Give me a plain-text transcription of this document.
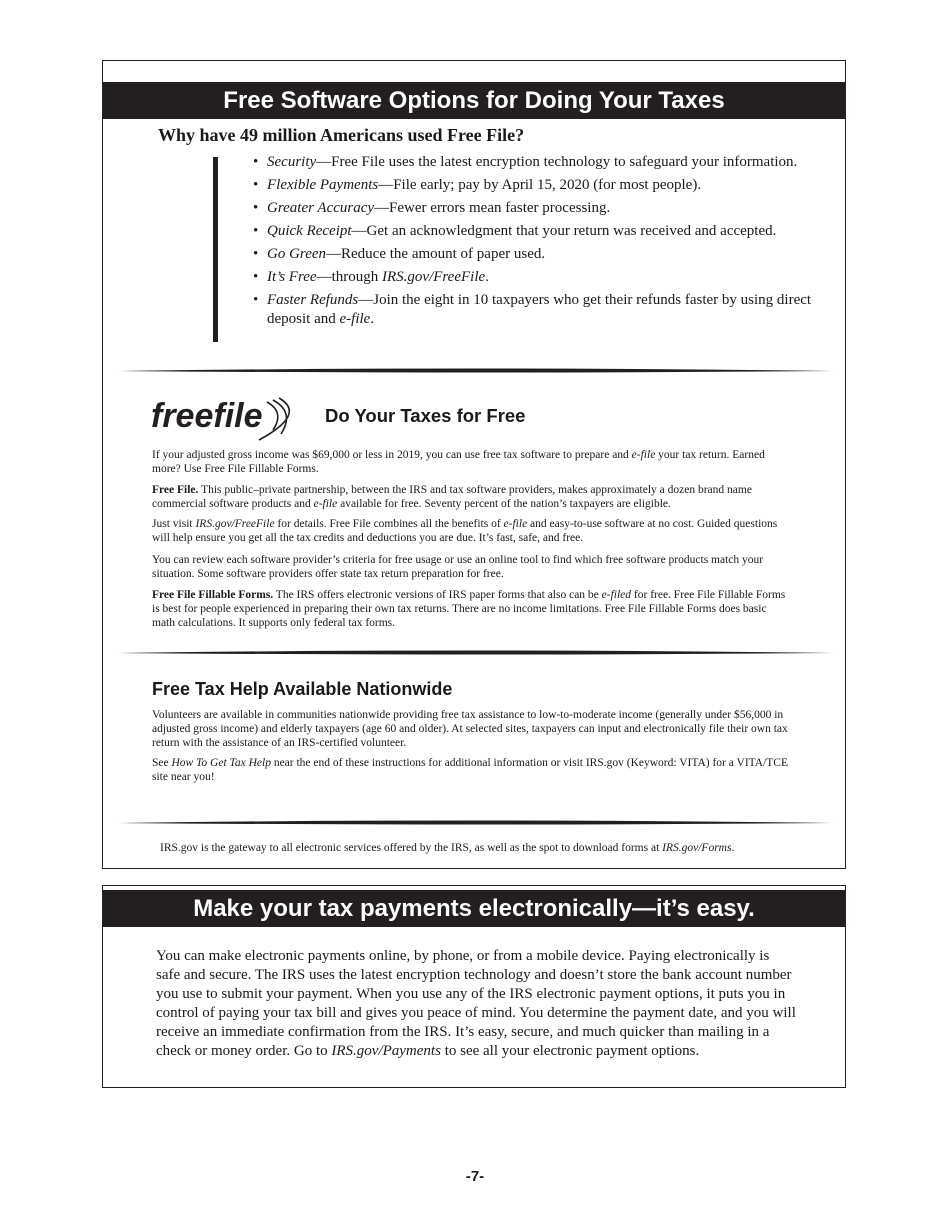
Free Software Options for Doing Your Taxes
Why have 49 million Americans used Free File?
• Security—Free File uses the latest encryption technology to safeguard your information.
• Flexible Payments—File early; pay by April 15, 2020 (for most people).
• Greater Accuracy—Fewer errors mean faster processing.
• Quick Receipt—Get an acknowledgment that your return was received and accepted.
• Go Green—Reduce the amount of paper used.
• It’s Free—through IRS.gov/FreeFile.
• Faster Refunds—Join the eight in 10 taxpayers who get their refunds faster by using direct deposit and e-file.
freefile	Do Your Taxes for Free

If your adjusted gross income was $69,000 or less in 2019, you can use free tax software to prepare and e-file your tax return. Earned more? Use Free File Fillable Forms.

Free File. This public–private partnership, between the IRS and tax software providers, makes approximately a dozen brand name commercial software products and e-file available for free. Seventy percent of the nation’s taxpayers are eligible.

Just visit IRS.gov/FreeFile for details. Free File combines all the benefits of e-file and easy-to-use software at no cost. Guided questions will help ensure you get all the tax credits and deductions you are due. It’s fast, safe, and free.

You can review each software provider’s criteria for free usage or use an online tool to find which free software products match your situation. Some software providers offer state tax return preparation for free.

Free File Fillable Forms. The IRS offers electronic versions of IRS paper forms that also can be e-filed for free. Free File Fillable Forms is best for people experienced in preparing their own tax returns. There are no income limitations. Free File Fillable Forms does basic math calculations. It supports only federal tax forms.

Free Tax Help Available Nationwide

Volunteers are available in communities nationwide providing free tax assistance to low-to-moderate income (generally under $56,000 in adjusted gross income) and elderly taxpayers (age 60 and older). At selected sites, taxpayers can input and electronically file their own tax return with the assistance of an IRS-certified volunteer.

See How To Get Tax Help near the end of these instructions for additional information or visit IRS.gov (Keyword: VITA) for a VITA/TCE site near you!

IRS.gov is the gateway to all electronic services offered by the IRS, as well as the spot to download forms at IRS.gov/Forms.
Make your tax payments electronically—it’s easy.

You can make electronic payments online, by phone, or from a mobile device. Paying electronically is safe and secure. The IRS uses the latest encryption technology and doesn’t store the bank account number you use to submit your payment. When you use any of the IRS electronic payment options, it puts you in control of paying your tax bill and gives you peace of mind. You determine the payment date, and you will receive an immediate confirmation from the IRS. It’s easy, secure, and much quicker than mailing in a check or money order. Go to IRS.gov/Payments to see all your electronic payment options.

-7-
